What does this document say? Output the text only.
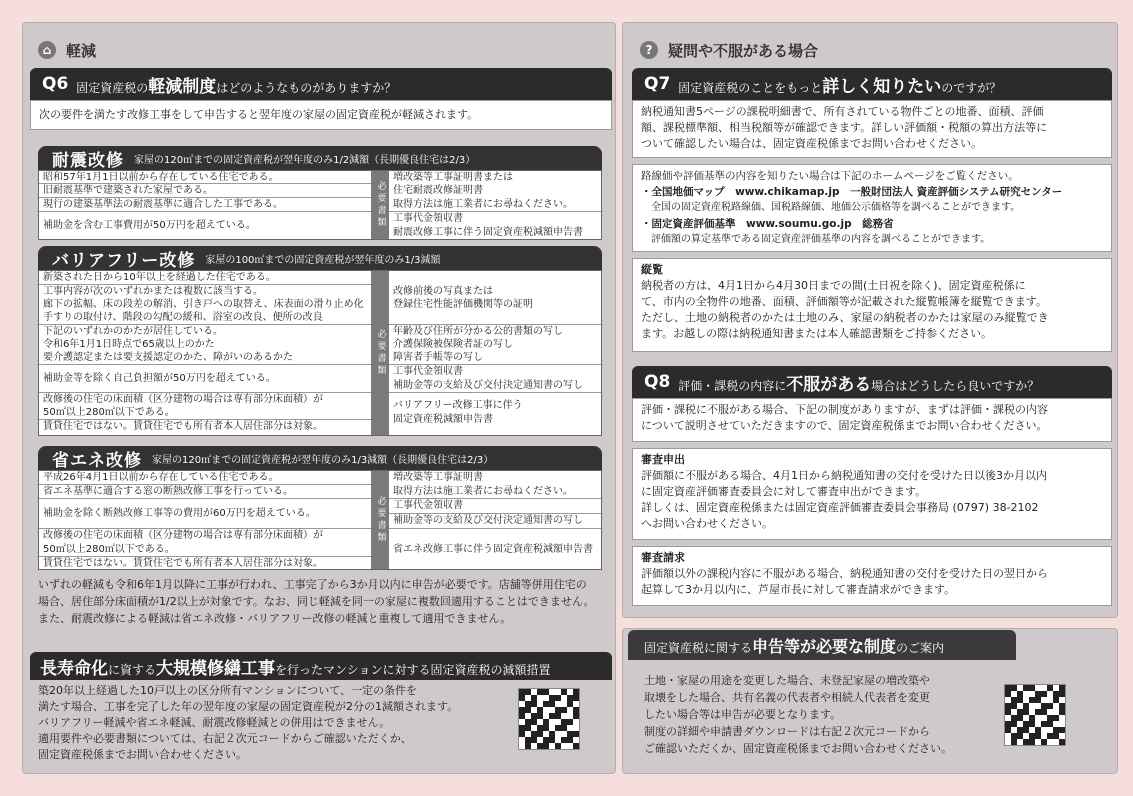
⌂ 軽減
Q6 固定資産税の軽減制度はどのようなものがありますか？
次の要件を満たす改修工事をして申告すると翌年度の家屋の固定資産税が軽減されます。
耐震改修 家屋の120㎡までの固定資産税が翌年度のみ1/2減額（長期優良住宅は2/3）
昭和57年1月1日以前から存在している住宅である。
旧耐震基準で建築された家屋である。
現行の建築基準法の耐震基準に適合した工事である。
補助金を含む工事費用が50万円を超えている。	必要書類
増改築等工事証明書または
住宅耐震改修証明書
取得方法は施工業者にお尋ねください。
工事代金領収書
耐震改修工事に伴う固定資産税減額申告書
バリアフリー改修 家屋の100㎡までの固定資産税が翌年度のみ1/3減額
新築された日から10年以上を経過した住宅である。
工事内容が次のいずれかまたは複数に該当する。
廊下の拡幅、床の段差の解消、引き戸への取替え、床表面の滑り止め化
手すりの取付け、階段の勾配の緩和、浴室の改良、便所の改良
下記のいずれかのかたが居住している。
令和6年1月1日時点で65歳以上のかた
要介護認定または要支援認定のかた、障がいのあるかた
補助金等を除く自己負担額が50万円を超えている。
改修後の住宅の床面積（区分建物の場合は専有部分床面積）が
50㎡以上280㎡以下である。
賃貸住宅ではない。賃貸住宅でも所有者本人居住部分は対象。
必要書類
改修前後の写真または
登録住宅性能評価機関等の証明
年齢及び住所が分かる公的書類の写し
介護保険被保険者証の写し
障害者手帳等の写し
工事代金領収書
補助金等の支給及び交付決定通知書の写し
バリアフリー改修工事に伴う
固定資産税減額申告書
省エネ改修 家屋の120㎡までの固定資産税が翌年度のみ1/3減額（長期優良住宅は2/3）
平成26年4月1日以前から存在している住宅である。
省エネ基準に適合する窓の断熱改修工事を行っている。
補助金を除く断熱改修工事等の費用が60万円を超えている。
改修後の住宅の床面積（区分建物の場合は専有部分床面積）が
50㎡以上280㎡以下である。
賃貸住宅ではない。賃貸住宅でも所有者本人居住部分は対象。
必要書類
増改築等工事証明書
取得方法は施工業者にお尋ねください。
工事代金領収書
補助金等の支給及び交付決定通知書の写し
省エネ改修工事に伴う固定資産税減額申告書
いずれの軽減も令和6年1月以降に工事が行われ、工事完了から3か月以内に申告が必要です。店舗等併用住宅の
場合、居住部分床面積が1/2以上が対象です。なお、同じ軽減を同一の家屋に複数回適用することはできません。
また、耐震改修による軽減は省エネ改修・バリアフリー改修の軽減と重複して適用できません。
長寿命化に資する大規模修繕工事を行ったマンションに対する固定資産税の減額措置
築20年以上経過した10戸以上の区分所有マンションについて、一定の条件を
満たす場合、工事を完了した年の翌年度の家屋の固定資産税が2分の1減額されます。
バリアフリー軽減や省エネ軽減、耐震改修軽減との併用はできません。
適用要件や必要書類については、右記２次元コードからご確認いただくか、
固定資産税係までお問い合わせください。
?	疑問や不服がある場合
Q7 固定資産税のことをもっと詳しく知りたいのですが？
納税通知書5ページの課税明細書で、所有されている物件ごとの地番、面積、評価
額、課税標準額、相当税額等が確認できます。詳しい評価額・税額の算出方法等に
ついて確認したい場合は、固定資産税係までお問い合わせください。
路線価や評価基準の内容を知りたい場合は下記のホームページをご覧ください。
・全国地価マップ　www.chikamap.jp　一般財団法人 資産評価システム研究センター
　全国の固定資産税路線価、国税路線価、地価公示価格等を調べることができます。
・固定資産評価基準　www.soumu.go.jp　総務省
　評価額の算定基準である固定資産評価基準の内容を調べることができます。
縦覧
納税者の方は、4月1日から4月30日までの間(土日祝を除く)、固定資産税係に
て、市内の全物件の地番、面積、評価額等が記載された縦覧帳簿を縦覧できます。
ただし、土地の納税者のかたは土地のみ、家屋の納税者のかたは家屋のみ縦覧でき
ます。お越しの際は納税通知書または本人確認書類をご持参ください。
Q8 評価・課税の内容に不服がある場合はどうしたら良いですか？
評価・課税に不服がある場合、下記の制度がありますが、まずは評価・課税の内容
について説明させていただきますので、固定資産税係までお問い合わせください。
審査申出
評価額に不服がある場合、4月1日から納税通知書の交付を受けた日以後3か月以内
に固定資産評価審査委員会に対して審査申出ができます。
詳しくは、固定資産税係または固定資産評価審査委員会事務局 (0797) 38-2102
へお問い合わせください。
審査請求
評価額以外の課税内容に不服がある場合、納税通知書の交付を受けた日の翌日から
起算して3か月以内に、芦屋市長に対して審査請求ができます。
固定資産税に関する申告等が必要な制度のご案内
土地・家屋の用途を変更した場合、未登記家屋の増改築や
取壊をした場合、共有名義の代表者や相続人代表者を変更
したい場合等は申告が必要となります。
制度の詳細や申請書ダウンロードは右記２次元コードから
ご確認いただくか、固定資産税係までお問い合わせください。
